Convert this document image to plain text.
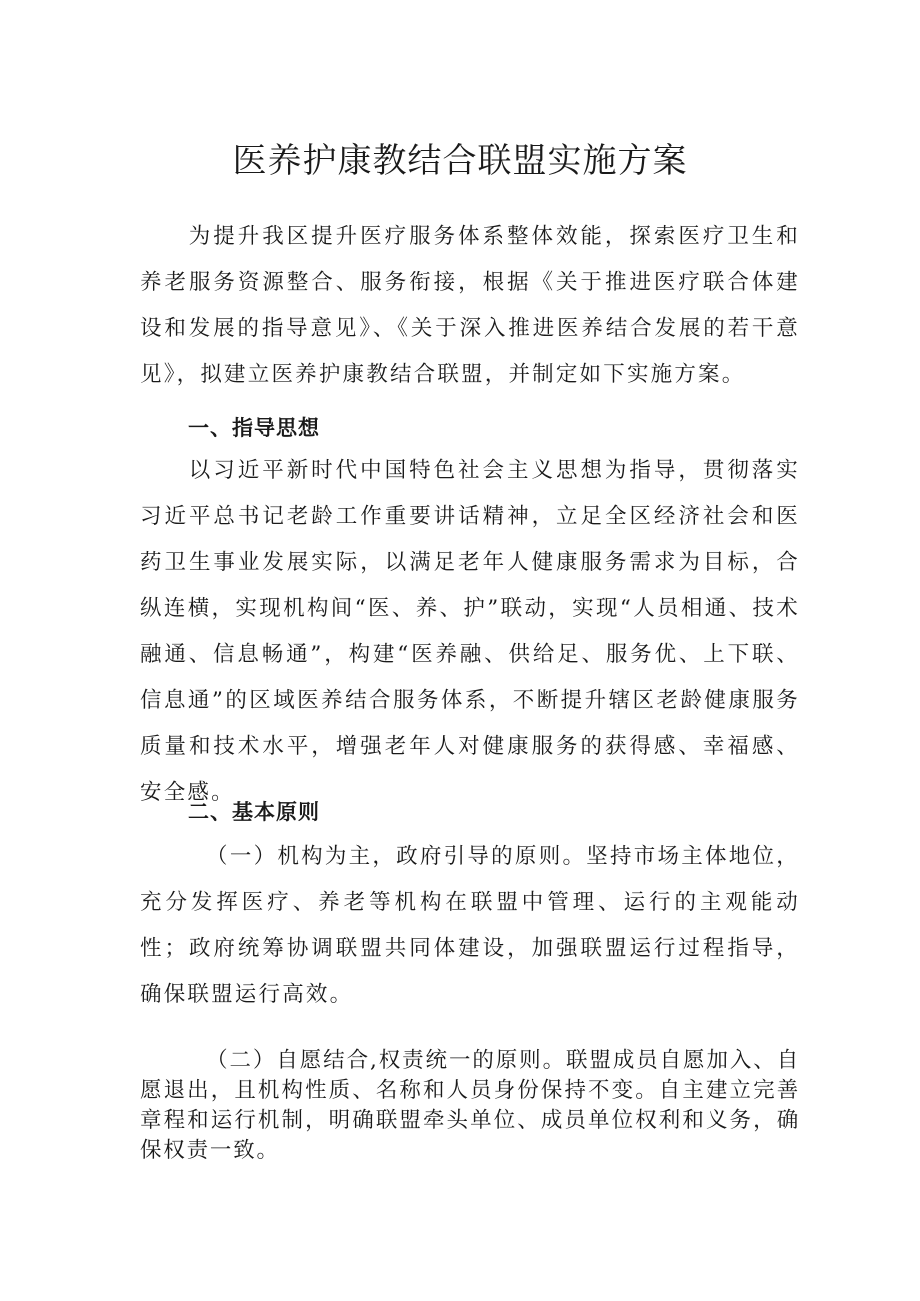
医养护康教结合联盟实施方案

为提升我区提升医疗服务体系整体效能，探索医疗卫生和养老服务资源整合、服务衔接，根据《关于推进医疗联合体建设和发展的指导意见》、《关于深入推进医养结合发展的若干意见》，拟建立医养护康教结合联盟，并制定如下实施方案。

一、指导思想

以习近平新时代中国特色社会主义思想为指导，贯彻落实习近平总书记老龄工作重要讲话精神，立足全区经济社会和医药卫生事业发展实际，以满足老年人健康服务需求为目标，合纵连横，实现机构间“医、养、护”联动，实现“人员相通、技术融通、信息畅通”，构建“医养融、供给足、服务优、上下联、信息通”的区域医养结合服务体系，不断提升辖区老龄健康服务质量和技术水平，增强老年人对健康服务的获得感、幸福感、安全感。

二、基本原则

（一）机构为主，政府引导的原则。坚持市场主体地位，充分发挥医疗、养老等机构在联盟中管理、运行的主观能动性；政府统筹协调联盟共同体建设，加强联盟运行过程指导，确保联盟运行高效。

（二）自愿结合,权责统一的原则。联盟成员自愿加入、自愿退出，且机构性质、名称和人员身份保持不变。自主建立完善章程和运行机制，明确联盟牵头单位、成员单位权利和义务，确保权责一致。
